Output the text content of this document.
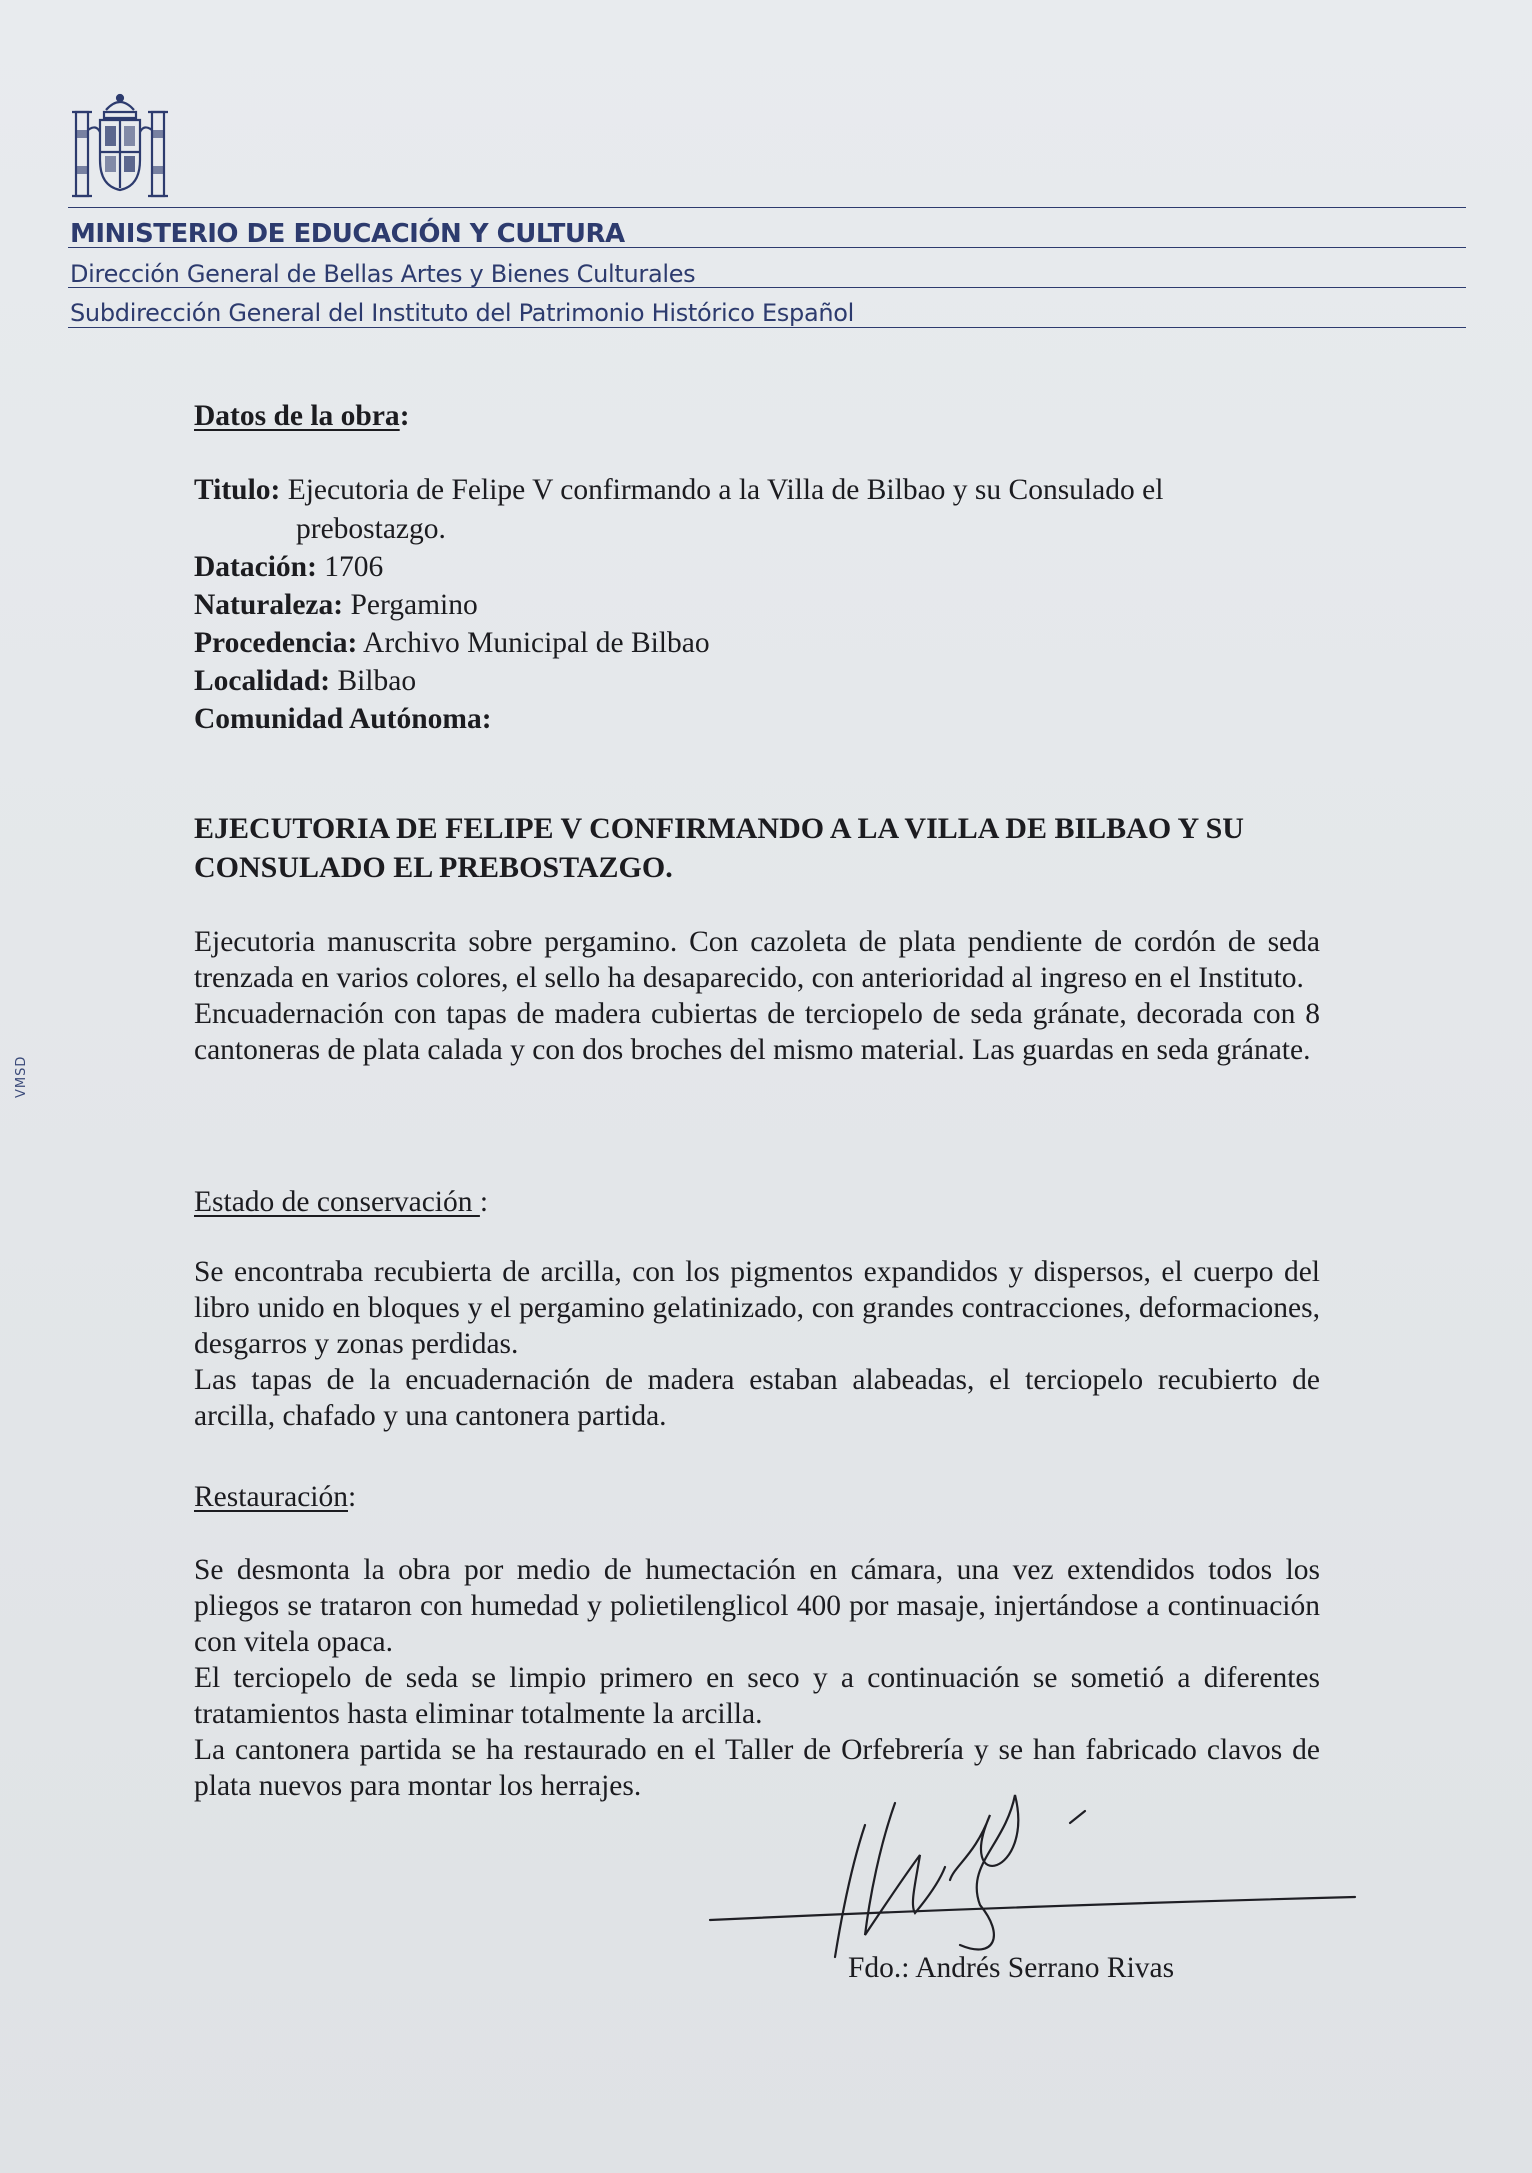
MINISTERIO DE EDUCACIÓN Y CULTURA
Dirección General de Bellas Artes y Bienes Culturales
Subdirección General del Instituto del Patrimonio Histórico Español
VMSD
Datos de la obra:
Titulo: Ejecutoria de Felipe V confirmando a la Villa de Bilbao y su Consulado el
prebostazgo.
Datación: 1706
Naturaleza: Pergamino
Procedencia: Archivo Municipal de Bilbao
Localidad: Bilbao
Comunidad Autónoma:
EJECUTORIA DE FELIPE V CONFIRMANDO A LA VILLA DE BILBAO Y SU
CONSULADO EL PREBOSTAZGO.

Ejecutoria manuscrita sobre pergamino. Con cazoleta de plata pendiente de cordón de seda trenzada en varios colores, el sello ha desaparecido, con anterioridad al ingreso en el Instituto.

Encuadernación con tapas de madera cubiertas de terciopelo de seda gránate, decorada con 8 cantoneras de plata calada y con dos broches del mismo material. Las guardas en seda gránate.

Estado de conservación :

Se encontraba recubierta de arcilla, con los pigmentos expandidos y dispersos, el cuerpo del libro unido en bloques y el pergamino gelatinizado, con grandes contracciones, deformaciones, desgarros y zonas perdidas.

Las tapas de la encuadernación de madera estaban alabeadas, el terciopelo recubierto de arcilla, chafado y una cantonera partida.

Restauración:

Se desmonta la obra por medio de humectación en cámara, una vez extendidos todos los pliegos se trataron con humedad y polietilenglicol 400 por masaje, injertándose a continuación con vitela opaca.

El terciopelo de seda se limpio primero en seco y a continuación se sometió a diferentes tratamientos hasta eliminar totalmente la arcilla.

La cantonera partida se ha restaurado en el Taller de Orfebrería y se han fabricado clavos de plata nuevos para montar los herrajes.

Fdo.: Andrés Serrano Rivas
